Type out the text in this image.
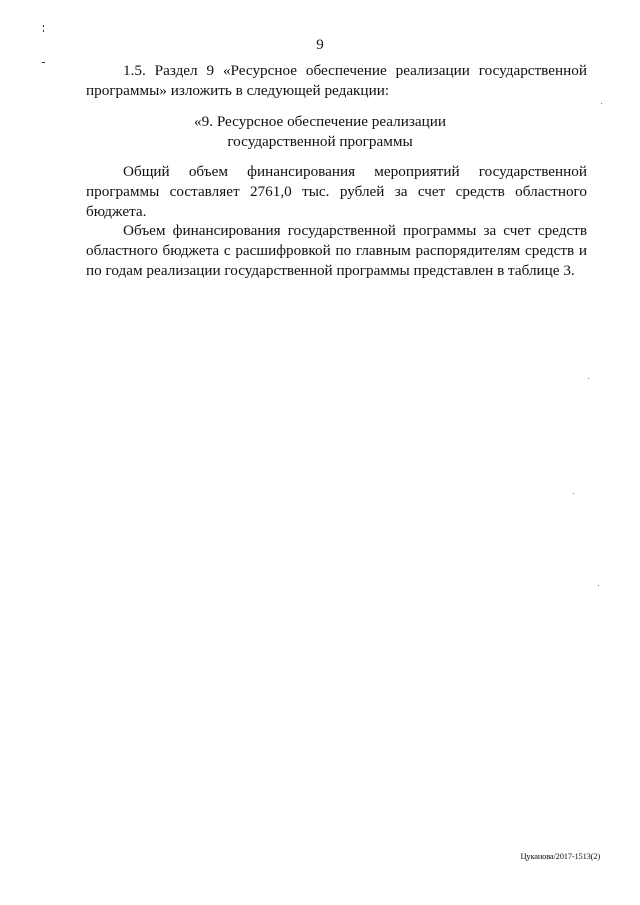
9

1.5. Раздел 9 «Ресурсное обеспечение реализации государственной программы» изложить в следующей редакции:

«9. Ресурсное обеспечение реализации
государственной программы

Общий объем финансирования мероприятий государственной программы составляет 2761,0 тыс. рублей за счет средств областного бюджета.

Объем финансирования государственной программы за счет средств областного бюджета с расшифровкой по главным распорядителям средств и по годам реализации государственной программы представлен в таблице 3.

Цуканова/2017-1513(2)
